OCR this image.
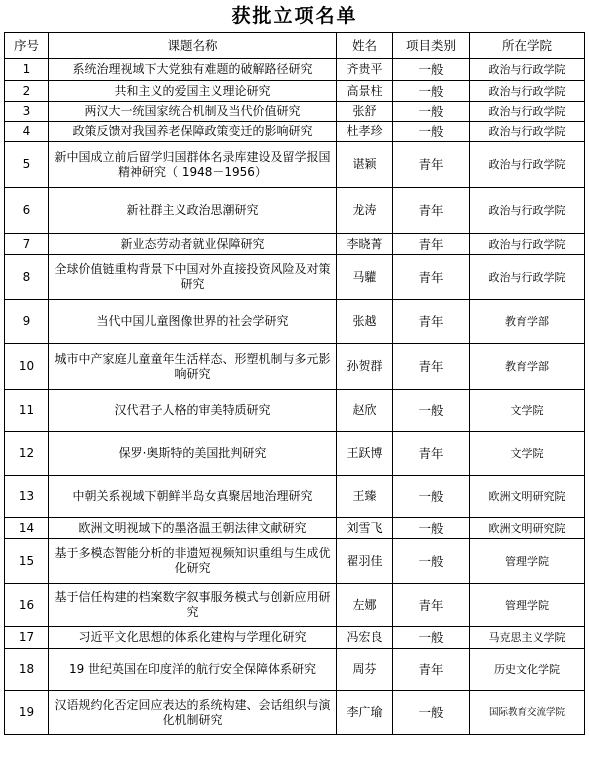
获批立项名单
序号	课题名称	姓名	项目类别	所在学院
1	系统治理视域下大党独有难题的破解路径研究	齐贵平	一般	政治与行政学院
2	共和主义的爱国主义理论研究	高景柱	一般	政治与行政学院
3	两汉大一统国家统合机制及当代价值研究	张舒	一般	政治与行政学院
4	政策反馈对我国养老保障政策变迁的影响研究	杜孝珍	一般	政治与行政学院
5	新中国成立前后留学归国群体名录库建设及留学报国精神研究（ 1948－1956）	谌颖	青年	政治与行政学院
6	新社群主义政治思潮研究	龙涛	青年	政治与行政学院
7	新业态劳动者就业保障研究	李晓菁	青年	政治与行政学院
8	全球价值链重构背景下中国对外直接投资风险及对策研究	马驩	青年	政治与行政学院
9	当代中国儿童图像世界的社会学研究	张越	青年	教育学部
10	城市中产家庭儿童童年生活样态、形塑机制与多元影响研究	孙贺群	青年	教育学部
11	汉代君子人格的审美特质研究	赵欣	一般	文学院
12	保罗·奥斯特的美国批判研究	王跃博	青年	文学院
13	中朝关系视域下朝鲜半岛女真聚居地治理研究	王臻	一般	欧洲文明研究院
14	欧洲文明视域下的墨洛温王朝法律文献研究	刘雪飞	一般	欧洲文明研究院
15	基于多模态智能分析的非遗短视频知识重组与生成优化研究	翟羽佳	一般	管理学院
16	基于信任构建的档案数字叙事服务模式与创新应用研究	左娜	青年	管理学院
17	习近平文化思想的体系化建构与学理化研究	冯宏良	一般	马克思主义学院
18	19 世纪英国在印度洋的航行安全保障体系研究	周芬	青年	历史文化学院
19	汉语规约化否定回应表达的系统构建、会话组织与演化机制研究	李广瑜	一般	国际教育交流学院
